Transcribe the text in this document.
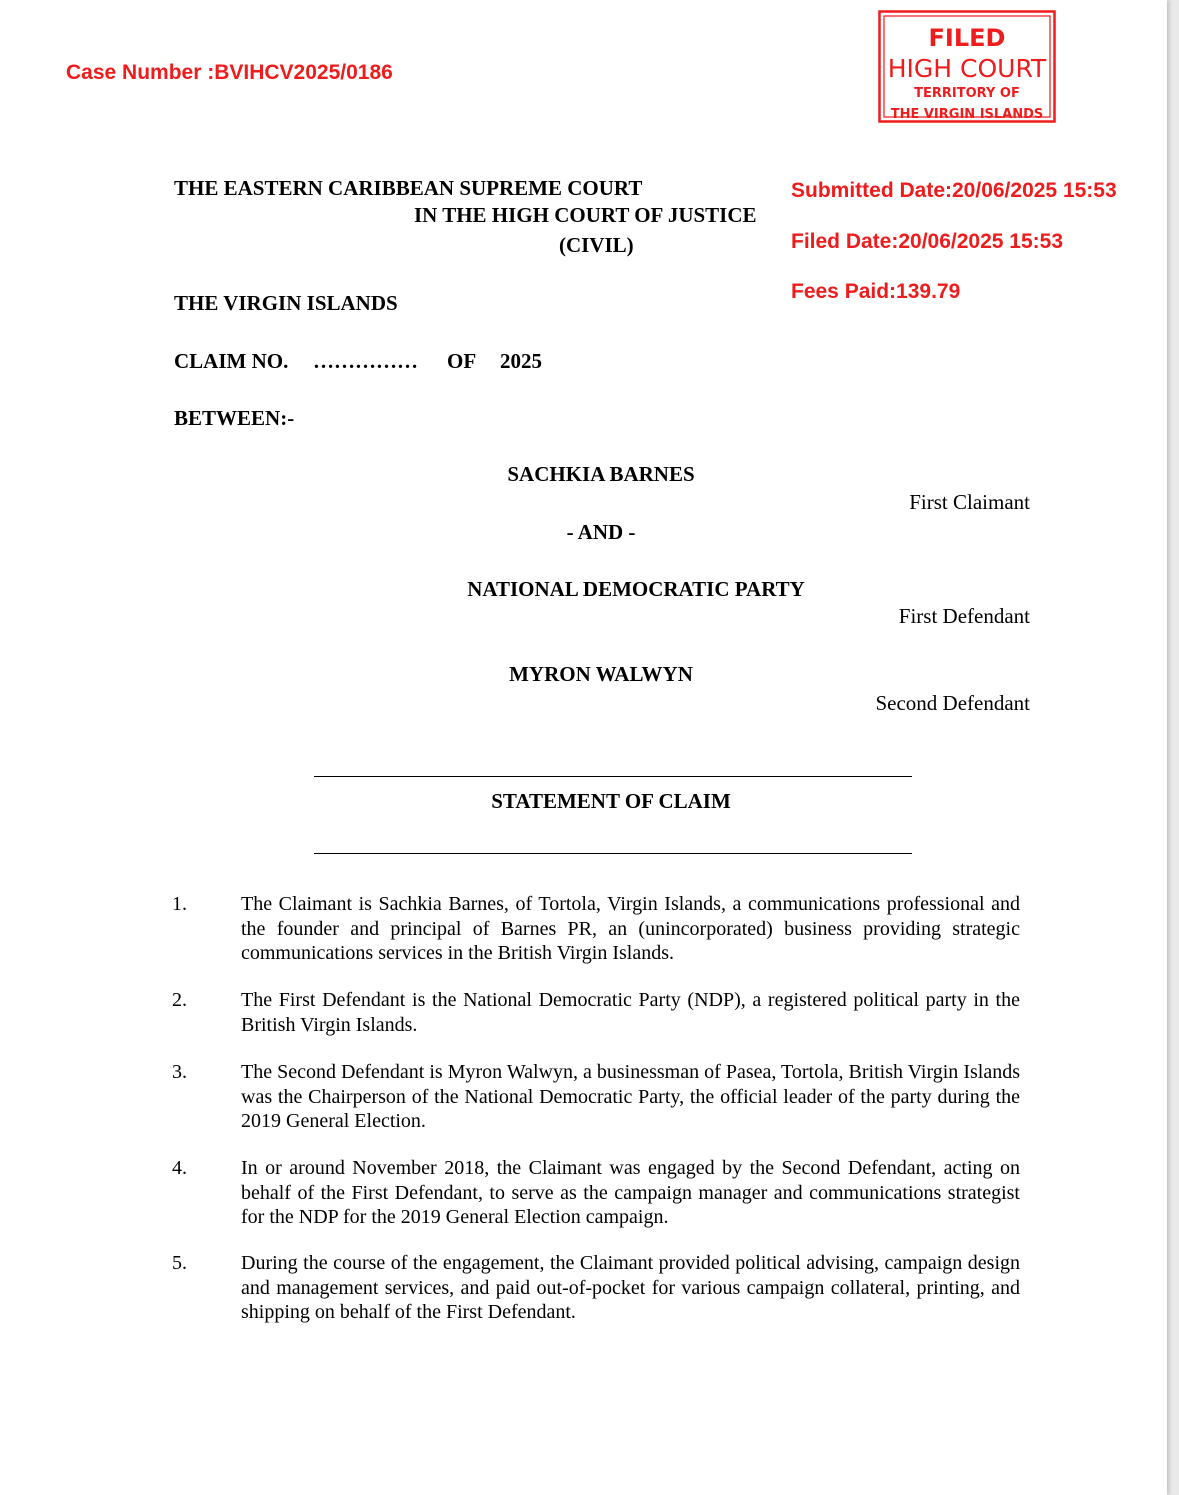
Case Number :BVIHCV2025/0186
Submitted Date:20/06/2025 15:53
Filed Date:20/06/2025 15:53
Fees Paid:139.79
FILED
HIGH COURT
TERRITORY OF
THE VIRGIN ISLANDS
THE EASTERN CARIBBEAN SUPREME COURT
IN THE HIGH COURT OF JUSTICE
(CIVIL)
THE VIRGIN ISLANDS
CLAIM NO. …………… OF 2025
BETWEEN:-
SACHKIA BARNES
First Claimant
- AND -
NATIONAL DEMOCRATIC PARTY
First Defendant
MYRON WALWYN
Second Defendant
STATEMENT OF CLAIM
1.	The Claimant is Sachkia Barnes, of Tortola, Virgin Islands, a communications professional and the founder and principal of Barnes PR, an (unincorporated) business providing strategic communications services in the British Virgin Islands.
2.	The First Defendant is the National Democratic Party (NDP), a registered political party in the British Virgin Islands.
3.	The Second Defendant is Myron Walwyn, a businessman of Pasea, Tortola, British Virgin Islands was the Chairperson of the National Democratic Party, the official leader of the party during the 2019 General Election.
4.	In or around November 2018, the Claimant was engaged by the Second Defendant, acting on behalf of the First Defendant, to serve as the campaign manager and communications strategist for the NDP for the 2019 General Election campaign.
5.	During the course of the engagement, the Claimant provided political advising, campaign design and management services, and paid out-of-pocket for various campaign collateral, printing, and shipping on behalf of the First Defendant.
